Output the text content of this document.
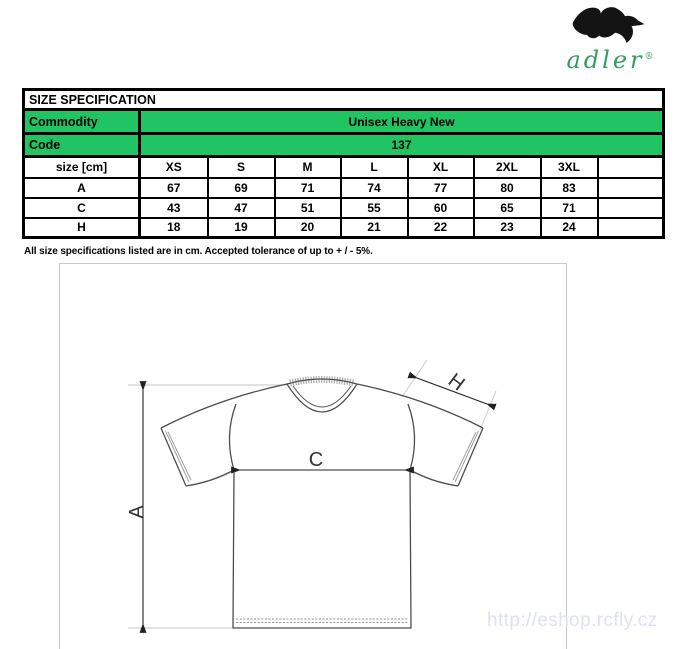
adler®
SIZE SPECIFICATION								
Commodity	Unisex Heavy New							
Code	137							
size [cm]	XS	S	M	L	XL	2XL	3XL	
A	67	69	71	74	77	80	83	
C	43	47	51	55	60	65	71	
H	18	19	20	21	22	23	24	
All size specifications listed are in cm. Accepted tolerance of up to + / - 5%.
A
C
H
http://eshop.rcfly.cz
